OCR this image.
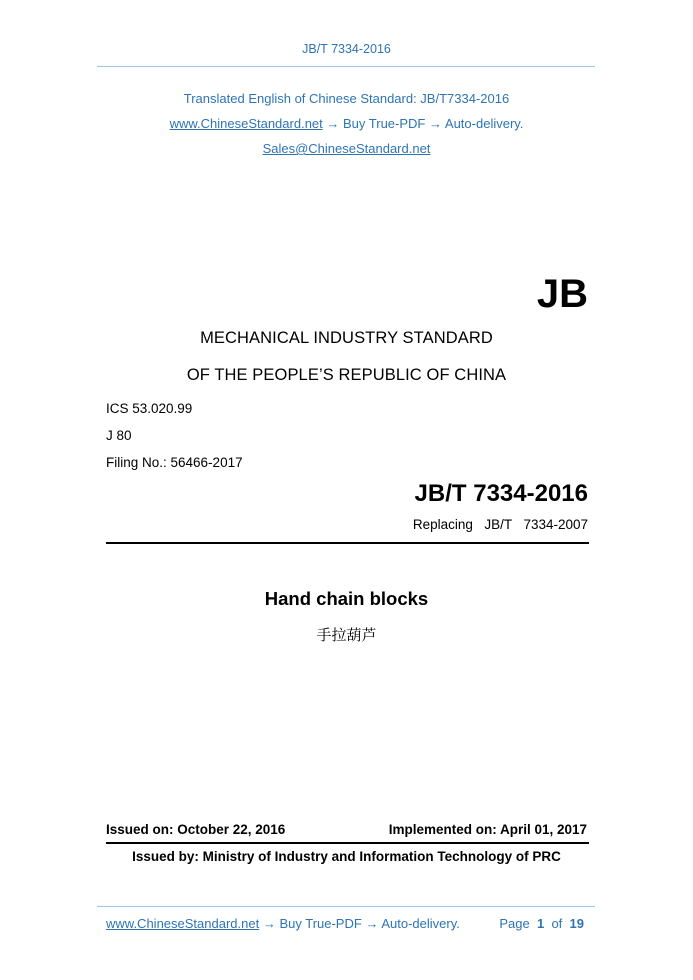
JB/T 7334-2016
Translated English of Chinese Standard: JB/T7334-2016
www.ChineseStandard.net → Buy True-PDF → Auto-delivery.
Sales@ChineseStandard.net
JB
MECHANICAL INDUSTRY STANDARD
OF THE PEOPLE’S REPUBLIC OF CHINA
ICS 53.020.99
J 80
Filing No.: 56466-2017
JB/T 7334-2016
Replacing  JB/T  7334-2007
Hand chain blocks
手拉葫芦
Issued on: October 22, 2016	Implemented on: April 01, 2017
Issued by: Ministry of Industry and Information Technology of PRC
www.ChineseStandard.net → Buy True-PDF → Auto-delivery.	Page 1 of 19
